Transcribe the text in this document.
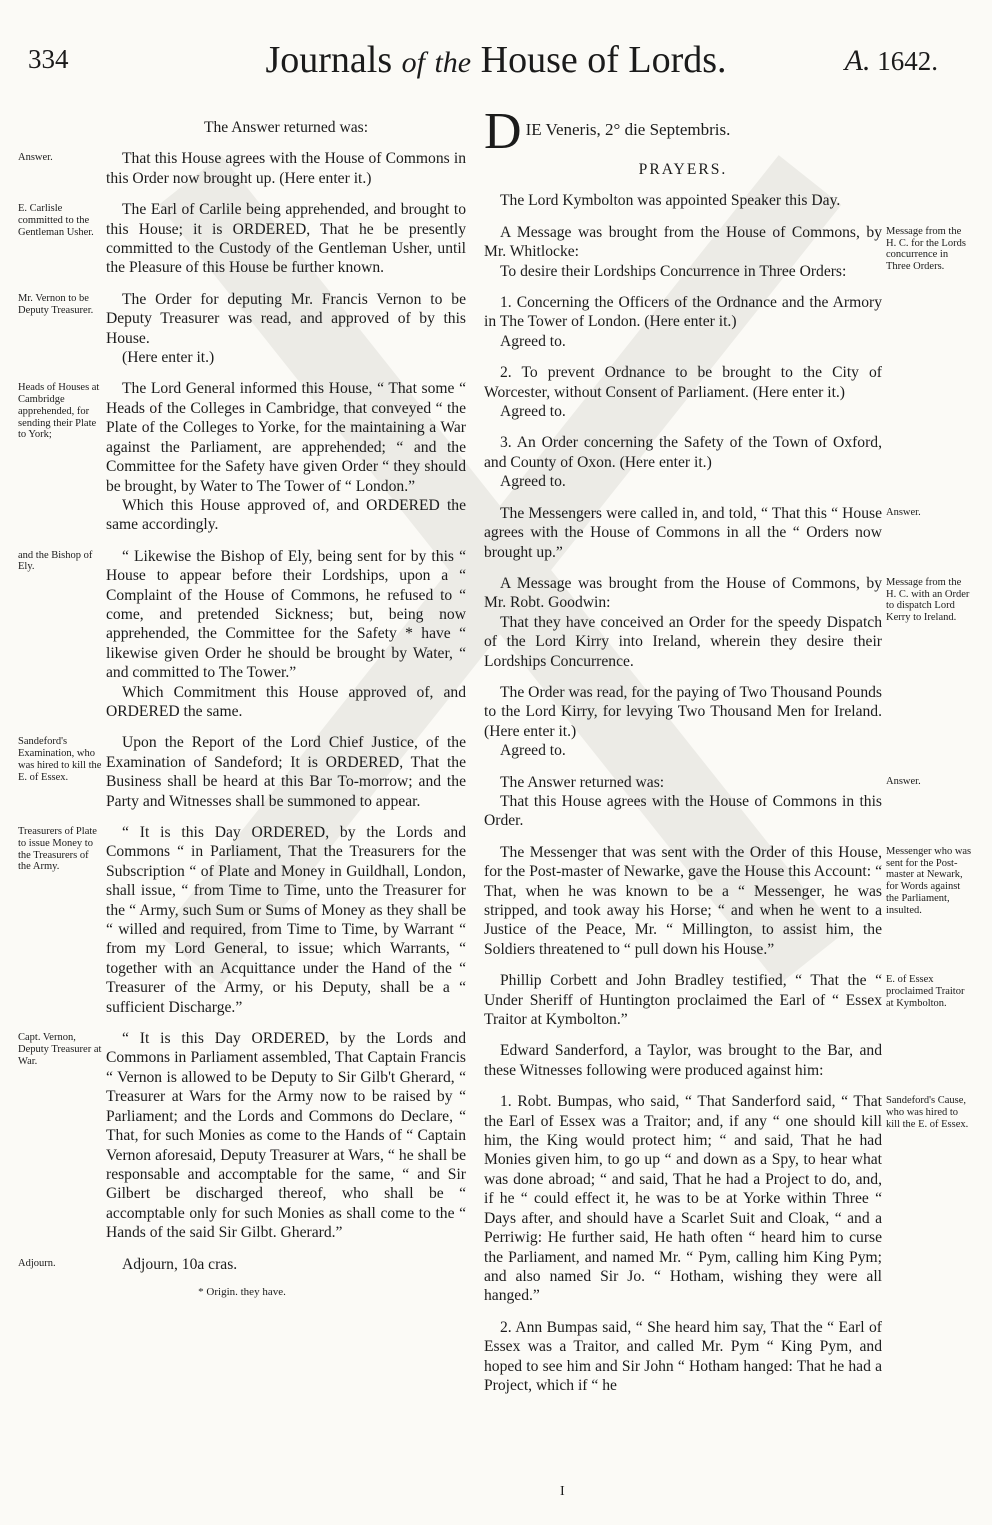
334	Journals of the House of Lords.	A. 1642.
The Answer returned was:
Answer.	That this House agrees with the House of Commons in this Order now brought up. (Here enter it.)
E. Carlisle committed to the Gentleman Usher.
The Earl of Carlile being apprehended, and brought to this House; it is ORDERED, That he be presently committed to the Custody of the Gentleman Usher, until the Pleasure of this House be further known.
Mr. Vernon to be Deputy Treasurer.
The Order for deputing Mr. Francis Vernon to be Deputy Treasurer was read, and approved of by this House.
(Here enter it.)
Heads of Houses at Cambridge apprehended, for sending their Plate to York;
The Lord General informed this House, “ That some “ Heads of the Colleges in Cambridge, that conveyed “ the Plate of the Colleges to Yorke, for the maintaining a War against the Parliament, are apprehended; “ and the Committee for the Safety have given Order “ they should be brought, by Water to The Tower of “ London.”
Which this House approved of, and ORDERED the same accordingly.
and the Bishop of Ely.
“ Likewise the Bishop of Ely, being sent for by this “ House to appear before their Lordships, upon a “ Complaint of the House of Commons, he refused to “ come, and pretended Sickness; but, being now apprehended, the Committee for the Safety * have “ likewise given Order he should be brought by Water, “ and committed to The Tower.”
Which Commitment this House approved of, and ORDERED the same.
Sandeford's Examination, who was hired to kill the E. of Essex.
Upon the Report of the Lord Chief Justice, of the Examination of Sandeford; It is ORDERED, That the Business shall be heard at this Bar To-morrow; and the Party and Witnesses shall be summoned to appear.
Treasurers of Plate to issue Money to the Treasurers of the Army.
“ It is this Day ORDERED, by the Lords and Commons “ in Parliament, That the Treasurers for the Subscription “ of Plate and Money in Guildhall, London, shall issue, “ from Time to Time, unto the Treasurer for the “ Army, such Sum or Sums of Money as they shall be “ willed and required, from Time to Time, by Warrant “ from my Lord General, to issue; which Warrants, “ together with an Acquittance under the Hand of the “ Treasurer of the Army, or his Deputy, shall be a “ sufficient Discharge.”
Capt. Vernon, Deputy Treasurer at War.
“ It is this Day ORDERED, by the Lords and Commons in Parliament assembled, That Captain Francis “ Vernon is allowed to be Deputy to Sir Gilb't Gherard, “ Treasurer at Wars for the Army now to be raised by “ Parliament; and the Lords and Commons do Declare, “ That, for such Monies as come to the Hands of “ Captain Vernon aforesaid, Deputy Treasurer at Wars, “ he shall be responsable and accomptable for the same, “ and Sir Gilbert be discharged thereof, who shall be “ accomptable only for such Monies as shall come to the “ Hands of the said Sir Gilbt. Gherard.”
Adjourn.	Adjourn, 10a cras.
* Origin. they have.
D IE Veneris, 2° die Septembris.
PRAYERS.
The Lord Kymbolton was appointed Speaker this Day.
Message from the H. C. for the Lords concurrence in Three Orders.
A Message was brought from the House of Commons, by Mr. Whitlocke:
To desire their Lordships Concurrence in Three Orders:
1. Concerning the Officers of the Ordnance and the Armory in The Tower of London. (Here enter it.)
Agreed to.
2. To prevent Ordnance to be brought to the City of Worcester, without Consent of Parliament. (Here enter it.)
Agreed to.
3. An Order concerning the Safety of the Town of Oxford, and County of Oxon. (Here enter it.)
Agreed to.
Answer.
The Messengers were called in, and told, “ That this “ House agrees with the House of Commons in all the “ Orders now brought up.”
Message from the H. C. with an Order to dispatch Lord Kerry to Ireland.
A Message was brought from the House of Commons, by Mr. Robt. Goodwin:
That they have conceived an Order for the speedy Dispatch of the Lord Kirry into Ireland, wherein they desire their Lordships Concurrence.
The Order was read, for the paying of Two Thousand Pounds to the Lord Kirry, for levying Two Thousand Men for Ireland. (Here enter it.)
Agreed to.
Answer.
The Answer returned was:
That this House agrees with the House of Commons in this Order.
Messenger who was sent for the Post-master at Newark, for Words against the Parliament, insulted.
The Messenger that was sent with the Order of this House, for the Post-master of Newarke, gave the House this Account: “ That, when he was known to be a “ Messenger, he was stripped, and took away his Horse; “ and when he went to a Justice of the Peace, Mr. “ Millington, to assist him, the Soldiers threatened to “ pull down his House.”
E. of Essex proclaimed Traitor at Kymbolton.
Phillip Corbett and John Bradley testified, “ That the “ Under Sheriff of Huntington proclaimed the Earl of “ Essex Traitor at Kymbolton.”
Edward Sanderford, a Taylor, was brought to the Bar, and these Witnesses following were produced against him:
Sandeford's Cause, who was hired to kill the E. of Essex.
1. Robt. Bumpas, who said, “ That Sanderford said, “ That the Earl of Essex was a Traitor; and, if any “ one should kill him, the King would protect him; “ and said, That he had Monies given him, to go up “ and down as a Spy, to hear what was done abroad; “ and said, That he had a Project to do, and, if he “ could effect it, he was to be at Yorke within Three “ Days after, and should have a Scarlet Suit and Cloak, “ and a Perriwig: He further said, He hath often “ heard him to curse the Parliament, and named Mr. “ Pym, calling him King Pym; and also named Sir Jo. “ Hotham, wishing they were all hanged.”
2. Ann Bumpas said, “ She heard him say, That the “ Earl of Essex was a Traitor, and called Mr. Pym “ King Pym, and hoped to see him and Sir John “ Hotham hanged: That he had a Project, which if “ he
I
